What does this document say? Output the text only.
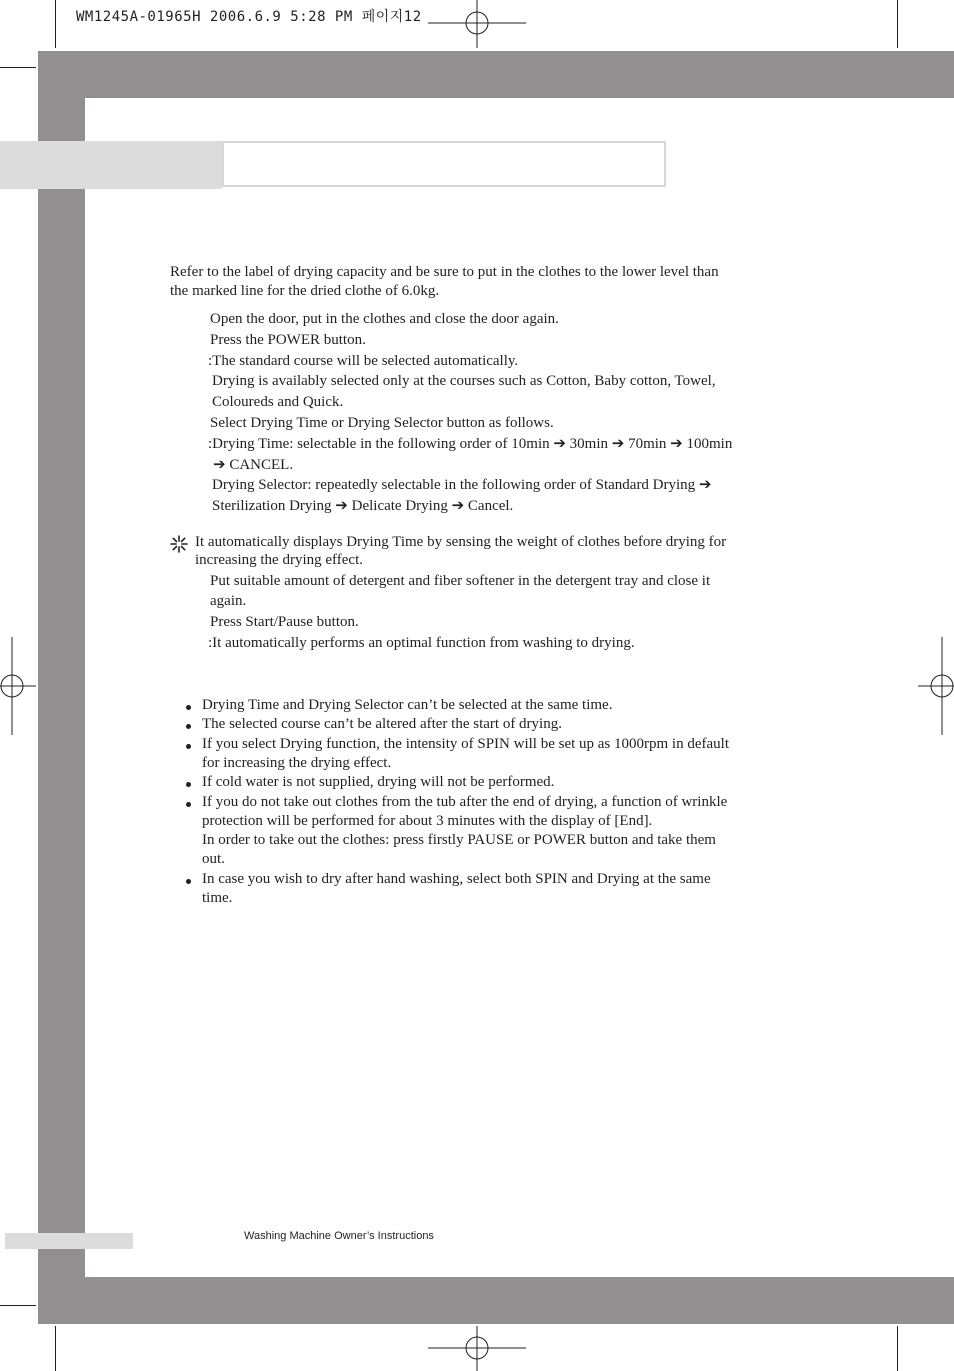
WM1245A-01965H 2006.6.9 5:28 PM 페이지12
Refer to the label of drying capacity and be sure to put in the clothes to the lower level than
the marked line for the dried clothe of 6.0kg.
Open the door, put in the clothes and close the door again.
Press the POWER button.
:The standard course will be selected automatically.
Drying is availably selected only at the courses such as Cotton, Baby cotton, Towel,
Coloureds and Quick.
Select Drying Time or Drying Selector button as follows.
:Drying Time: selectable in the following order of 10min ➔ 30min ➔ 70min ➔ 100min
➔ CANCEL.
Drying Selector: repeatedly selectable in the following order of Standard Drying ➔
Sterilization Drying ➔ Delicate Drying ➔ Cancel.
It automatically displays Drying Time by sensing the weight of clothes before drying for
increasing the drying effect.
Put suitable amount of detergent and fiber softener in the detergent tray and close it
again.
Press Start/Pause button.
:It automatically performs an optimal function from washing to drying.
Drying Time and Drying Selector can’t be selected at the same time.
The selected course can’t be altered after the start of drying.
If you select Drying function, the intensity of SPIN will be set up as 1000rpm in default
for increasing the drying effect.
If cold water is not supplied, drying will not be performed.
If you do not take out clothes from the tub after the end of drying, a function of wrinkle
protection will be performed for about 3 minutes with the display of [End].
In order to take out the clothes: press firstly PAUSE or POWER button and take them
out.
In case you wish to dry after hand washing, select both SPIN and Drying at the same
time.
Washing Machine Owner’s Instructions
